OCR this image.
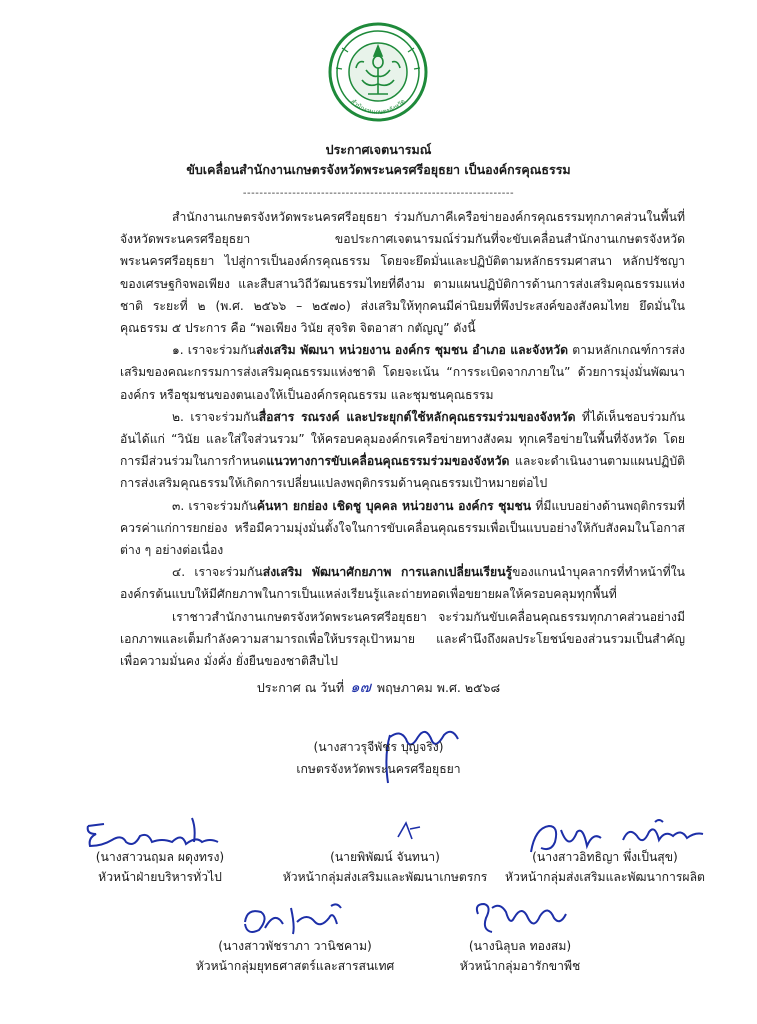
สำนักงานเกษตรจังหวัด
ประกาศเจตนารมณ์
ขับเคลื่อนสำนักงานเกษตรจังหวัดพระนครศรีอยุธยา เป็นองค์กรคุณธรรม
------------------------------------------------------------------

สำนักงานเกษตรจังหวัดพระนครศรีอยุธยา ร่วมกับภาคีเครือข่ายองค์กรคุณธรรมทุกภาคส่วนในพื้นที่จังหวัดพระนครศรีอยุธยา ขอประกาศเจตนารมณ์ร่วมกันที่จะขับเคลื่อนสำนักงานเกษตรจังหวัดพระนครศรีอยุธยา ไปสู่การเป็นองค์กรคุณธรรม โดยจะยึดมั่นและปฏิบัติตามหลักธรรมศาสนา หลักปรัชญาของเศรษฐกิจพอเพียง และสืบสานวิถีวัฒนธรรมไทยที่ดีงาม ตามแผนปฏิบัติการด้านการส่งเสริมคุณธรรมแห่งชาติ ระยะที่ ๒ (พ.ศ. ๒๕๖๖ – ๒๕๗๐) ส่งเสริมให้ทุกคนมีค่านิยมที่พึงประสงค์ของสังคมไทย ยึดมั่นในคุณธรรม ๕ ประการ คือ “พอเพียง วินัย สุจริต จิตอาสา กตัญญู” ดังนี้

๑. เราจะร่วมกันส่งเสริม พัฒนา หน่วยงาน องค์กร ชุมชน อำเภอ และจังหวัด ตามหลักเกณฑ์การส่งเสริมของคณะกรรมการส่งเสริมคุณธรรมแห่งชาติ โดยจะเน้น “การระเบิดจากภายใน” ด้วยการมุ่งมั่นพัฒนาองค์กร หรือชุมชนของตนเองให้เป็นองค์กรคุณธรรม และชุมชนคุณธรรม

๒. เราจะร่วมกันสื่อสาร รณรงค์ และประยุกต์ใช้หลักคุณธรรมร่วมของจังหวัด ที่ได้เห็นชอบร่วมกัน อันได้แก่ “วินัย และใส่ใจส่วนรวม” ให้ครอบคลุมองค์กรเครือข่ายทางสังคม ทุกเครือข่ายในพื้นที่จังหวัด โดยการมีส่วนร่วมในการกำหนดแนวทางการขับเคลื่อนคุณธรรมร่วมของจังหวัด และจะดำเนินงานตามแผนปฏิบัติการส่งเสริมคุณธรรมให้เกิดการเปลี่ยนแปลงพฤติกรรมด้านคุณธรรมเป้าหมายต่อไป

๓. เราจะร่วมกันค้นหา ยกย่อง เชิดชู บุคคล หน่วยงาน องค์กร ชุมชน ที่มีแบบอย่างด้านพฤติกรรมที่ควรค่าแก่การยกย่อง หรือมีความมุ่งมั่นตั้งใจในการขับเคลื่อนคุณธรรมเพื่อเป็นแบบอย่างให้กับสังคมในโอกาสต่าง ๆ อย่างต่อเนื่อง

๔. เราจะร่วมกันส่งเสริม พัฒนาศักยภาพ การแลกเปลี่ยนเรียนรู้ของแกนนำบุคลากรที่ทำหน้าที่ในองค์กรต้นแบบให้มีศักยภาพในการเป็นแหล่งเรียนรู้และถ่ายทอดเพื่อขยายผลให้ครอบคลุมทุกพื้นที่

เราชาวสำนักงานเกษตรจังหวัดพระนครศรีอยุธยา จะร่วมกันขับเคลื่อนคุณธรรมทุกภาคส่วนอย่างมีเอกภาพและเต็มกำลังความสามารถเพื่อให้บรรลุเป้าหมาย และคำนึงถึงผลประโยชน์ของส่วนรวมเป็นสำคัญ เพื่อความมั่นคง มั่งคั่ง ยั่งยืนของชาติสืบไป

ประกาศ ณ วันที่ ๑๗ พฤษภาคม พ.ศ. ๒๕๖๘
(นางสาวรุจีพัชร บุญจริง)
เกษตรจังหวัดพระนครศรีอยุธยา
(นางสาวนฤมล ผดุงทรง)
หัวหน้าฝ่ายบริหารทั่วไป
(นายพิพัฒน์ จันทนา)
หัวหน้ากลุ่มส่งเสริมและพัฒนาเกษตรกร
(นางสาวอิทธิญา พึ่งเป็นสุข)
หัวหน้ากลุ่มส่งเสริมและพัฒนาการผลิต
(นางสาวพัชราภา วานิชคาม)
หัวหน้ากลุ่มยุทธศาสตร์และสารสนเทศ
(นางนิลุบล ทองสม)
หัวหน้ากลุ่มอารักขาพืช
